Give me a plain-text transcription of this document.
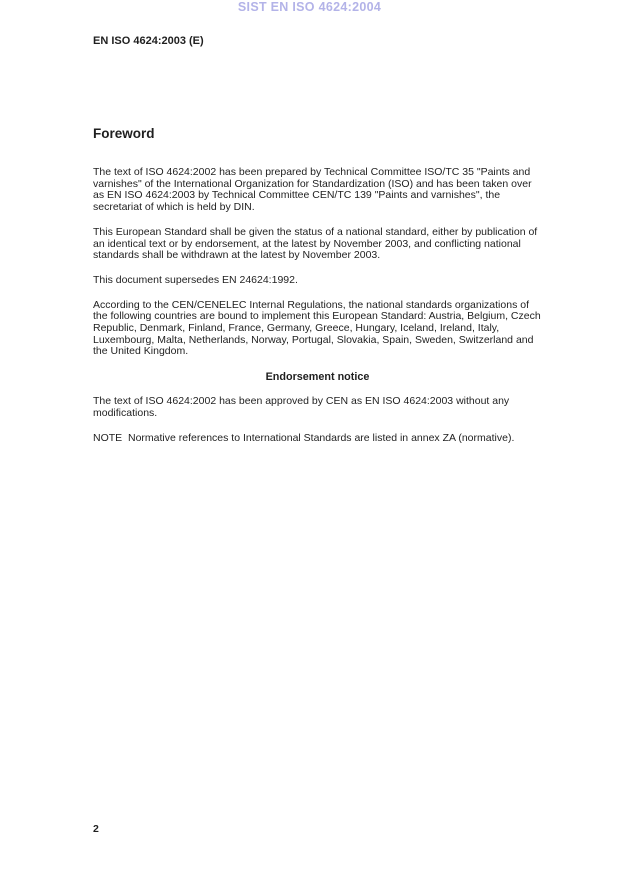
SIST EN ISO 4624:2004
EN ISO 4624:2003 (E)
Foreword

The text of ISO 4624:2002 has been prepared by Technical Committee ISO/TC 35 "Paints and varnishes" of the International Organization for Standardization (ISO) and has been taken over as EN ISO 4624:2003 by Technical Committee CEN/TC 139 "Paints and varnishes", the secretariat of which is held by DIN.

This European Standard shall be given the status of a national standard, either by publication of an identical text or by endorsement, at the latest by November 2003, and conflicting national standards shall be withdrawn at the latest by November 2003.

This document supersedes EN 24624:1992.

According to the CEN/CENELEC Internal Regulations, the national standards organizations of the following countries are bound to implement this European Standard: Austria, Belgium, Czech Republic, Denmark, Finland, France, Germany, Greece, Hungary, Iceland, Ireland, Italy, Luxembourg, Malta, Netherlands, Norway, Portugal, Slovakia, Spain, Sweden, Switzerland and the United Kingdom.

Endorsement notice

The text of ISO 4624:2002 has been approved by CEN as EN ISO 4624:2003 without any modifications.

NOTE  Normative references to International Standards are listed in annex ZA (normative).

2
